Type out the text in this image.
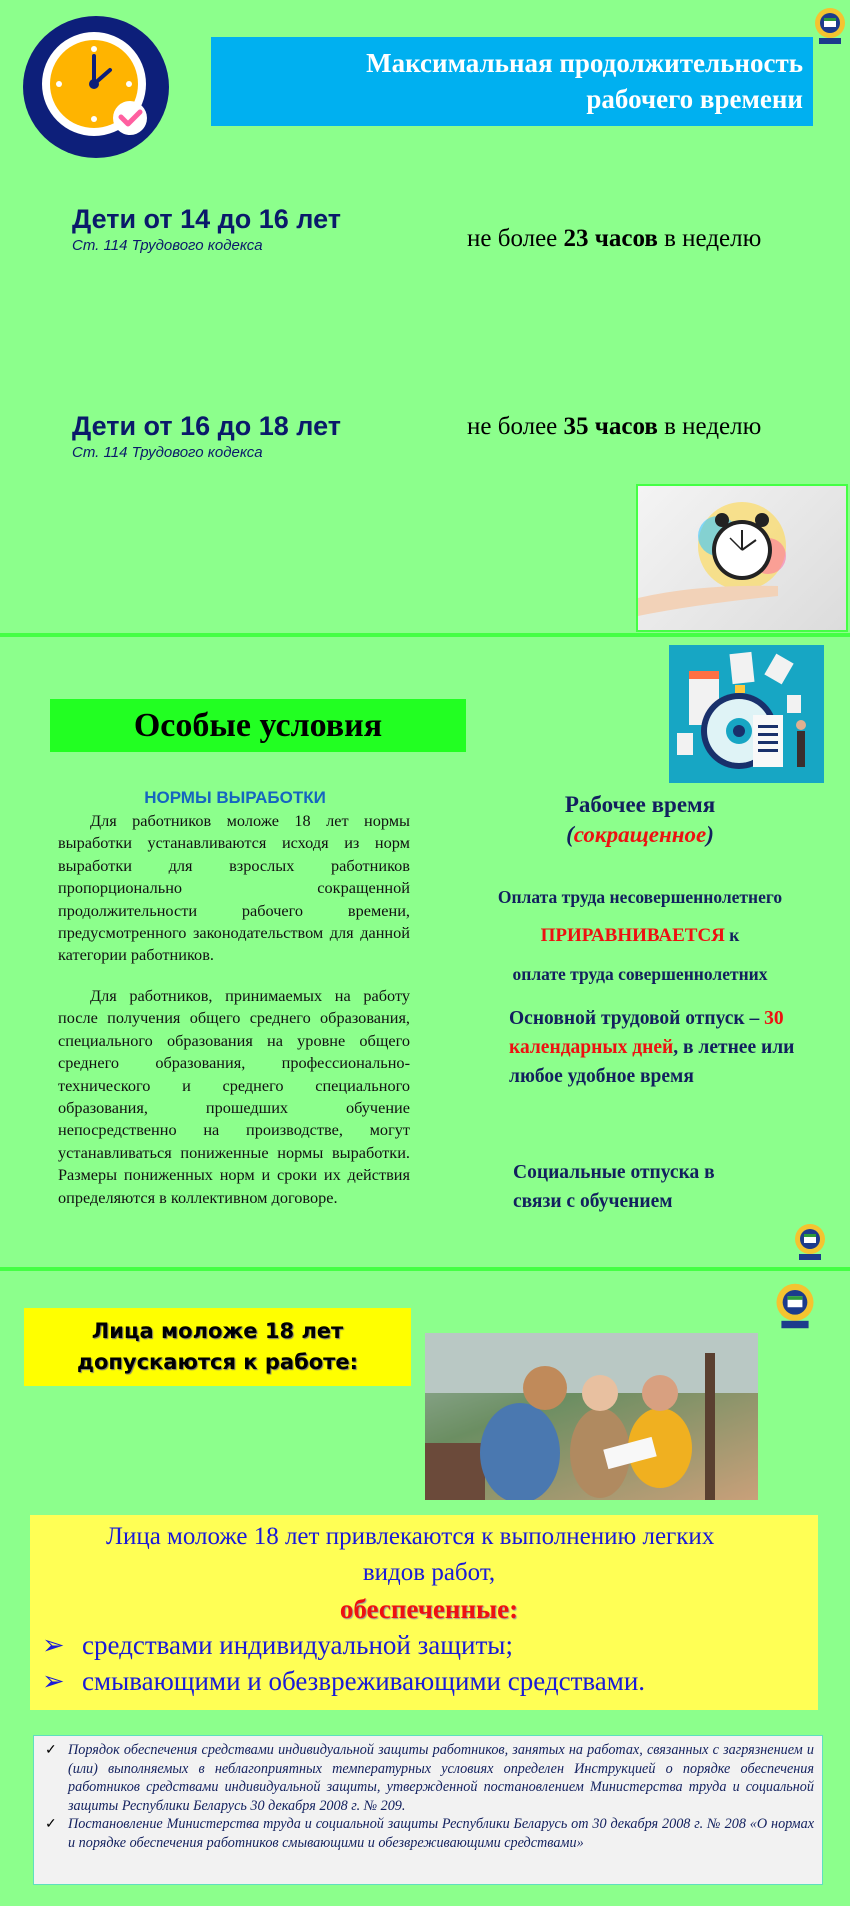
Максимальная продолжительность
рабочего времени
Дети от 14 до 16 лет
Ст. 114 Трудового кодекса	не более 23 часов в неделю
Дети от 16 до 18 лет
Ст. 114 Трудового кодекса
не более 35 часов в неделю
Особые условия
НОРМЫ ВЫРАБОТКИ
Для работников моложе 18 лет нормы выработки устанавливаются исходя из норм выработки для взрослых работников пропорционально сокращенной продолжительности рабочего времени, предусмотренного законодательством для данной категории работников.
Для работников, принимаемых на работу после получения общего среднего образования, специального образования на уровне общего среднего образования, профессионально-технического и среднего специального образования, прошедших обучение непосредственно на производстве, могут устанавливаться пониженные нормы выработки. Размеры пониженных норм и сроки их действия определяются в коллективном договоре.
Рабочее время
(сокращенное)
Оплата труда несовершеннолетнего
ПРИРАВНИВАЕТСЯ к
оплате труда совершеннолетних
Основной трудовой отпуск – 30 календарных дней, в летнее или любое удобное время
Социальные отпуска в связи с обучением
Лица моложе 18 лет
допускаются к работе:
Лица моложе 18 лет привлекаются к выполнению легких
видов работ,
обеспеченные:
➢ средствами индивидуальной защиты;
➢ смывающими и обезвреживающими средствами.
✓ Порядок обеспечения средствами индивидуальной защиты работников, занятых на работах, связанных с загрязнением и (или) выполняемых в неблагоприятных температурных условиях определен Инструкцией о порядке обеспечения работников средствами индивидуальной защиты, утвержденной постановлением Министерства труда и социальной защиты Республики Беларусь 30 декабря 2008 г. № 209.
✓ Постановление Министерства труда и социальной защиты Республики Беларусь от 30 декабря 2008 г. № 208 «О нормах и порядке обеспечения работников смывающими и обезвреживающими средствами»
